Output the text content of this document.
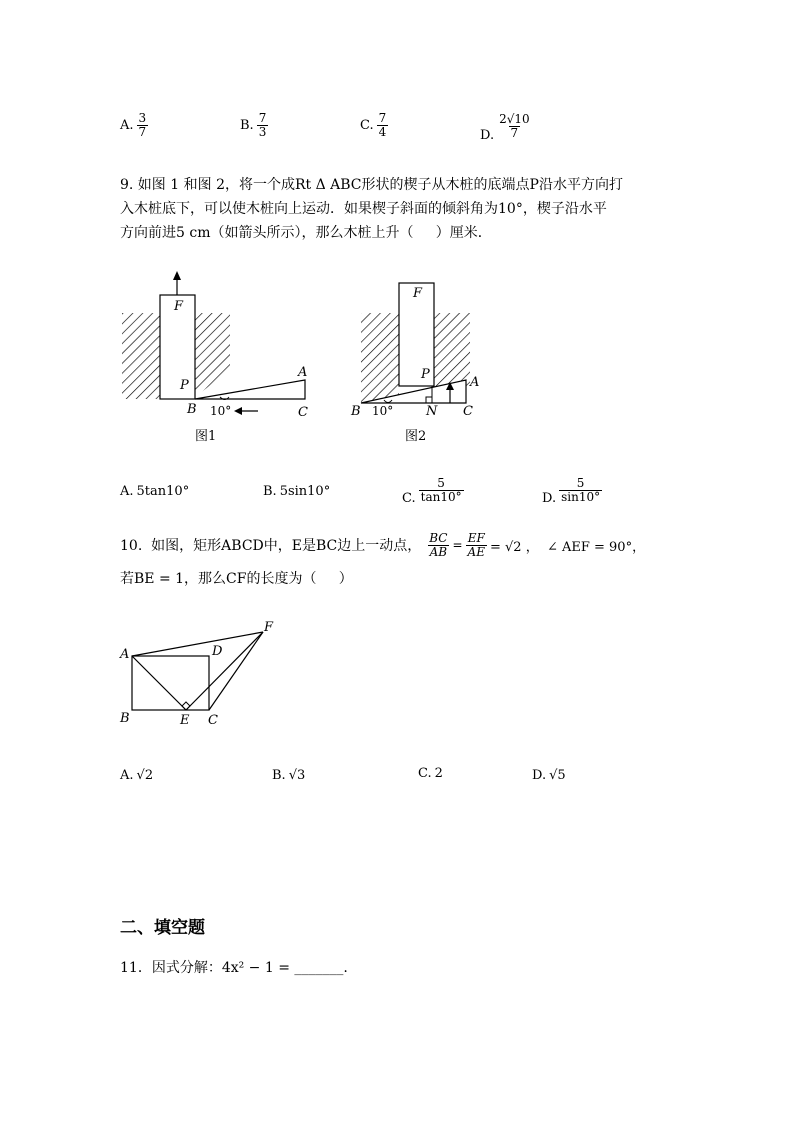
A. $\frac{3}{7}$	B. $\frac{7}{3}$	C. $\frac{7}{4}$	D. $\frac{2√10}{7}$
9. 如图 1 和图 2，将一个成Rt Δ ABC形状的楔子从木桩的底端点P沿水平方向打
入木桩底下，可以使木桩向上运动．如果楔子斜面的倾斜角为10°，楔子沿水平
方向前进5 cm（如箭头所示），那么木桩上升（     ）厘米．
F
P
A
B	C
10°
图1
F
P
A
B	C
N
10°
图2
A	D
F
B	E C
A. 5tan10°	B. 5sin10°	C. $\frac{5}{\tan 10^\circ}$	D. $\frac{5}{\sin 10^\circ}$
10.  如图，矩形ABCD中，E是BC边上一动点， $\frac{BC}{AB} = \frac{EF}{AE} = √2$ ，  ∠ AEF = 90°，
若BE = 1，那么CF的长度为（     ）
A. √2	B. √3	C. 2	D. √5
二、填空题
11．因式分解：4x² − 1 = _______.
